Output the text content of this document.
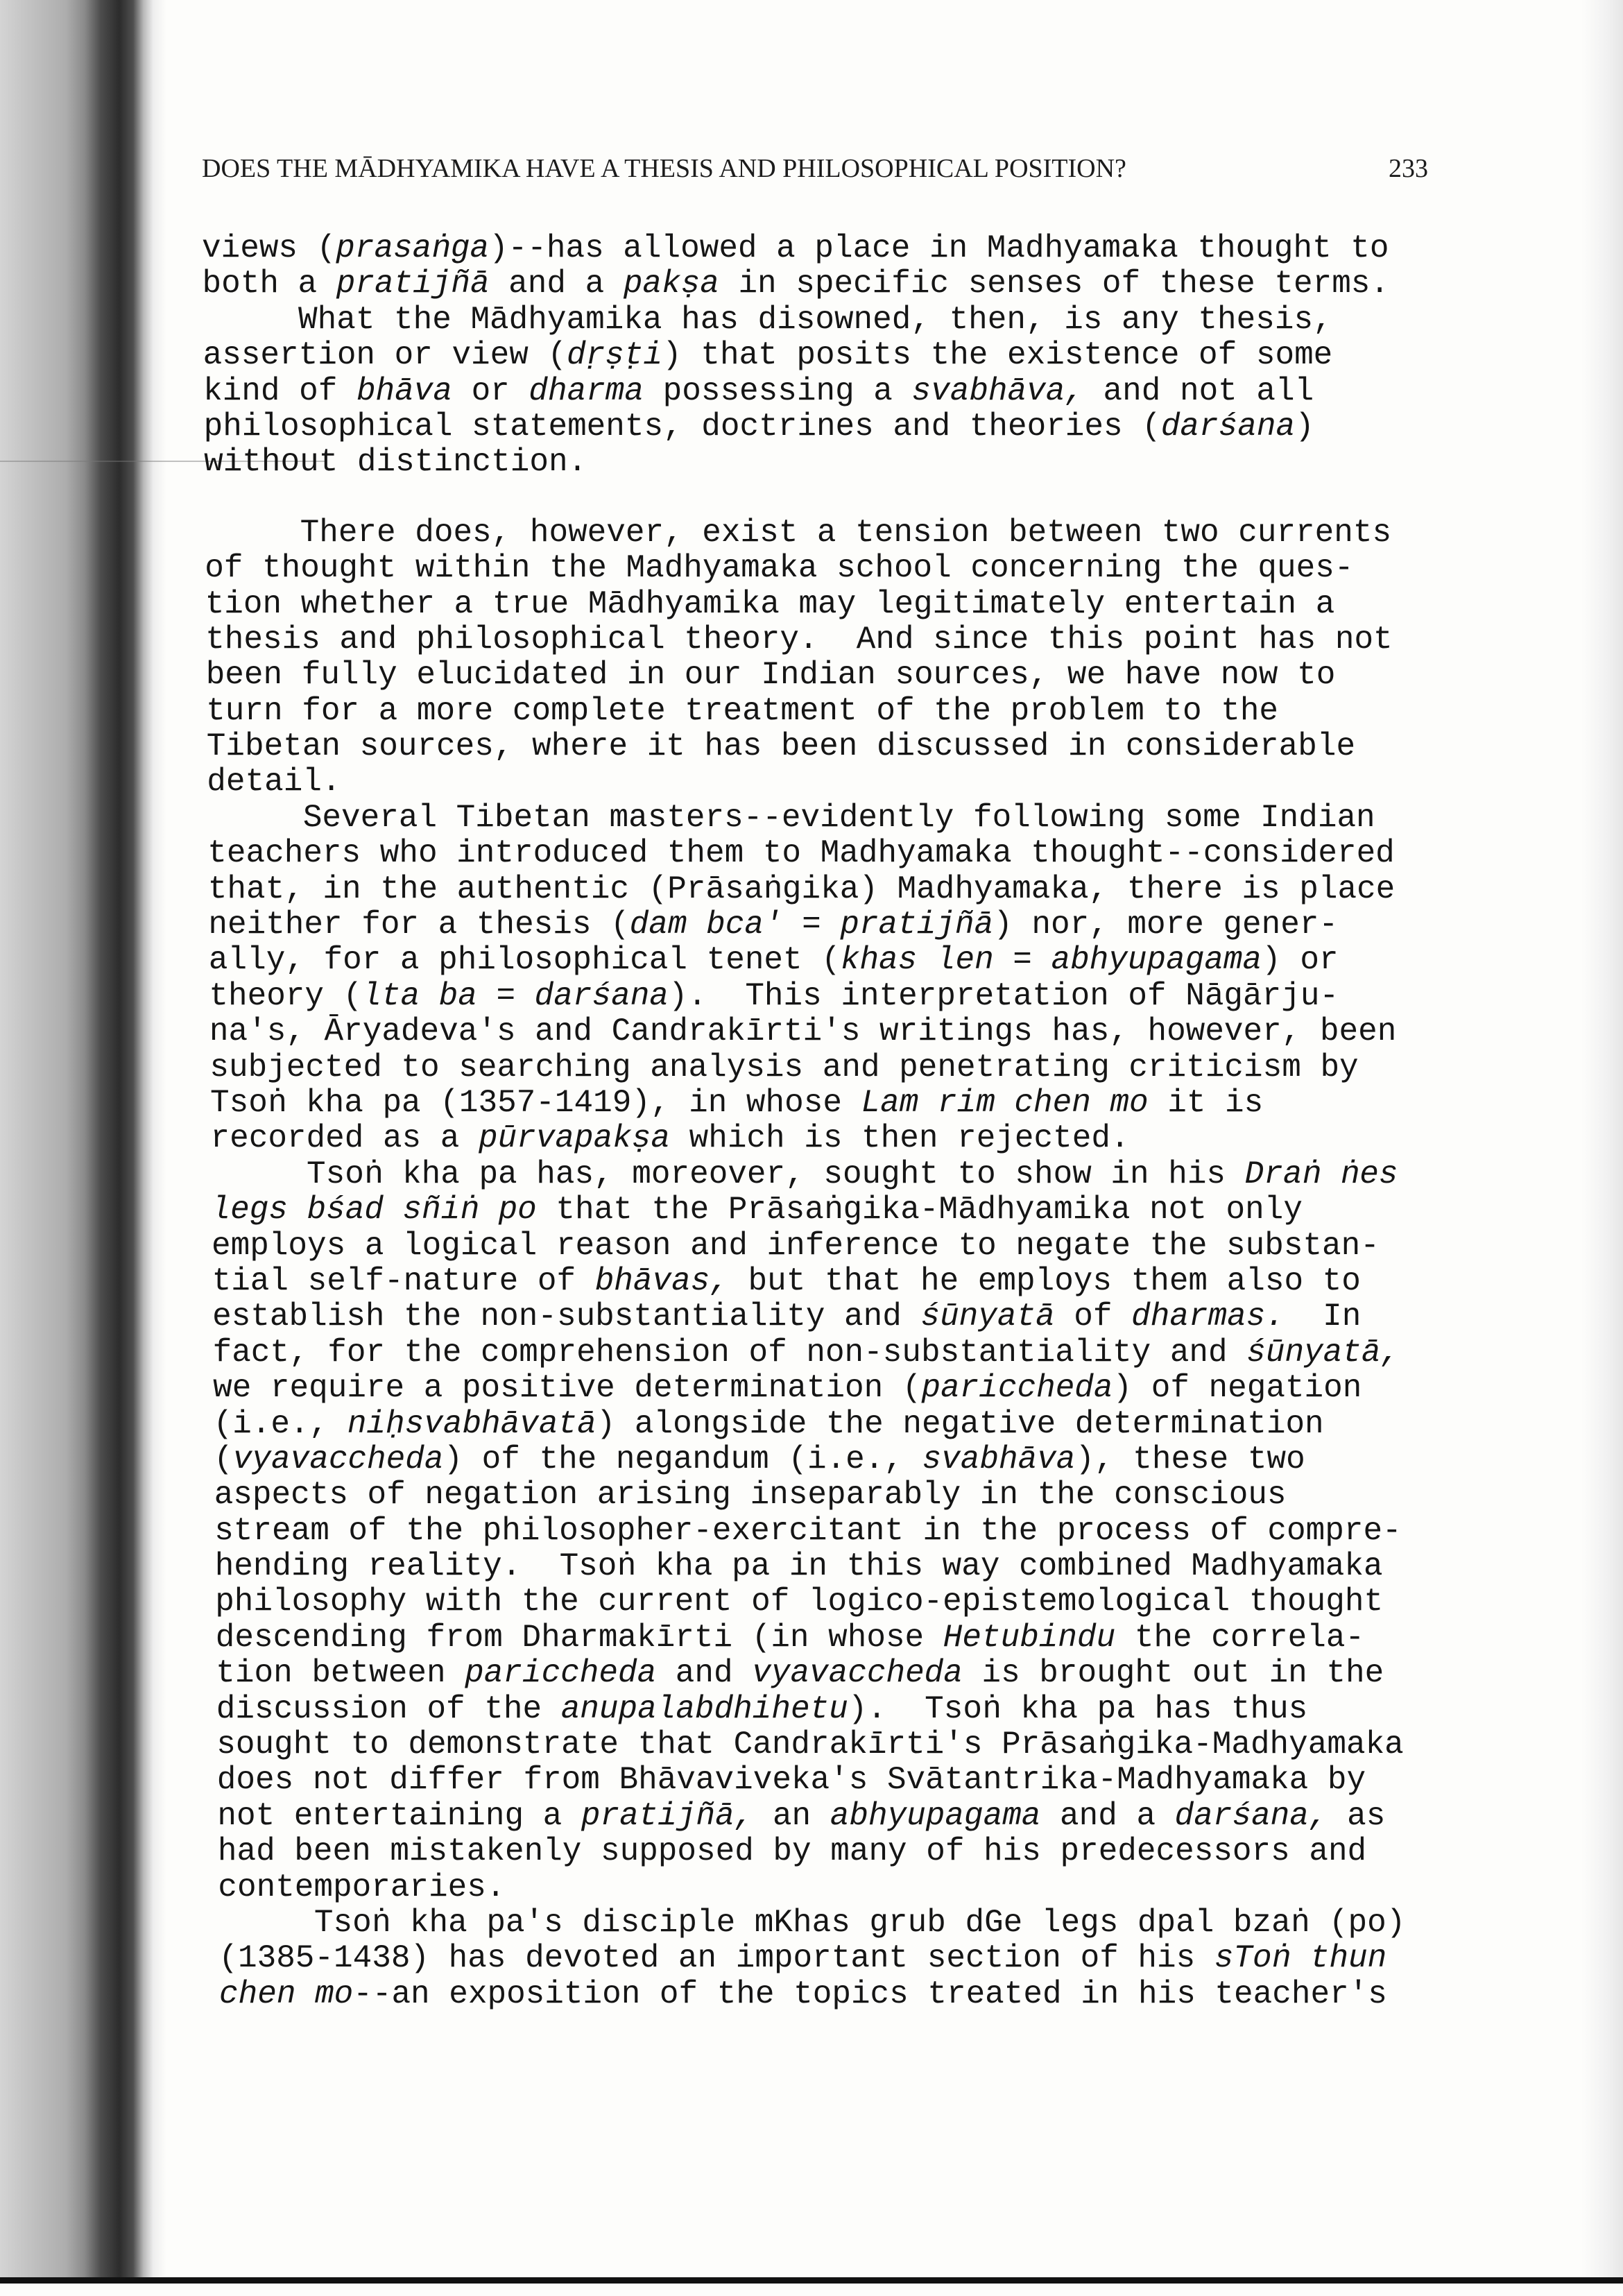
DOES THE MĀDHYAMIKA HAVE A THESIS AND PHILOSOPHICAL POSITION?	233
views (prasaṅga)--has allowed a place in Madhyamaka thought to
both a pratijñā and a pakṣa in specific senses of these terms.
What the Mādhyamika has disowned, then, is any thesis,
assertion or view (dṛṣṭi) that posits the existence of some
kind of bhāva or dharma possessing a svabhāva, and not all
philosophical statements, doctrines and theories (darśana)
without distinction.
There does, however, exist a tension between two currents
of thought within the Madhyamaka school concerning the ques-
tion whether a true Mādhyamika may legitimately entertain a
thesis and philosophical theory.  And since this point has not
been fully elucidated in our Indian sources, we have now to
turn for a more complete treatment of the problem to the
Tibetan sources, where it has been discussed in considerable
detail.
Several Tibetan masters--evidently following some Indian
teachers who introduced them to Madhyamaka thought--considered
that, in the authentic (Prāsaṅgika) Madhyamaka, there is place
neither for a thesis (dam bca' = pratijñā) nor, more gener-
ally, for a philosophical tenet (khas len = abhyupagama) or
theory (lta ba = darśana).  This interpretation of Nāgārju-
na's, Āryadeva's and Candrakīrti's writings has, however, been
subjected to searching analysis and penetrating criticism by
Tsoṅ kha pa (1357-1419), in whose Lam rim chen mo it is
recorded as a pūrvapakṣa which is then rejected.
Tsoṅ kha pa has, moreover, sought to show in his Draṅ ṅes
legs bśad sñiṅ po that the Prāsaṅgika-Mādhyamika not only
employs a logical reason and inference to negate the substan-
tial self-nature of bhāvas, but that he employs them also to
establish the non-substantiality and śūnyatā of dharmas.  In
fact, for the comprehension of non-substantiality and śūnyatā,
we require a positive determination (pariccheda) of negation
(i.e., niḥsvabhāvatā) alongside the negative determination
(vyavaccheda) of the negandum (i.e., svabhāva), these two
aspects of negation arising inseparably in the conscious
stream of the philosopher-exercitant in the process of compre-
hending reality.  Tsoṅ kha pa in this way combined Madhyamaka
philosophy with the current of logico-epistemological thought
descending from Dharmakīrti (in whose Hetubindu the correla-
tion between pariccheda and vyavaccheda is brought out in the
discussion of the anupalabdhihetu).  Tsoṅ kha pa has thus
sought to demonstrate that Candrakīrti's Prāsaṅgika-Madhyamaka
does not differ from Bhāvaviveka's Svātantrika-Madhyamaka by
not entertaining a pratijñā, an abhyupagama and a darśana, as
had been mistakenly supposed by many of his predecessors and
contemporaries.
Tsoṅ kha pa's disciple mKhas grub dGe legs dpal bzaṅ (po)
(1385-1438) has devoted an important section of his sToṅ thun
chen mo--an exposition of the topics treated in his teacher's
